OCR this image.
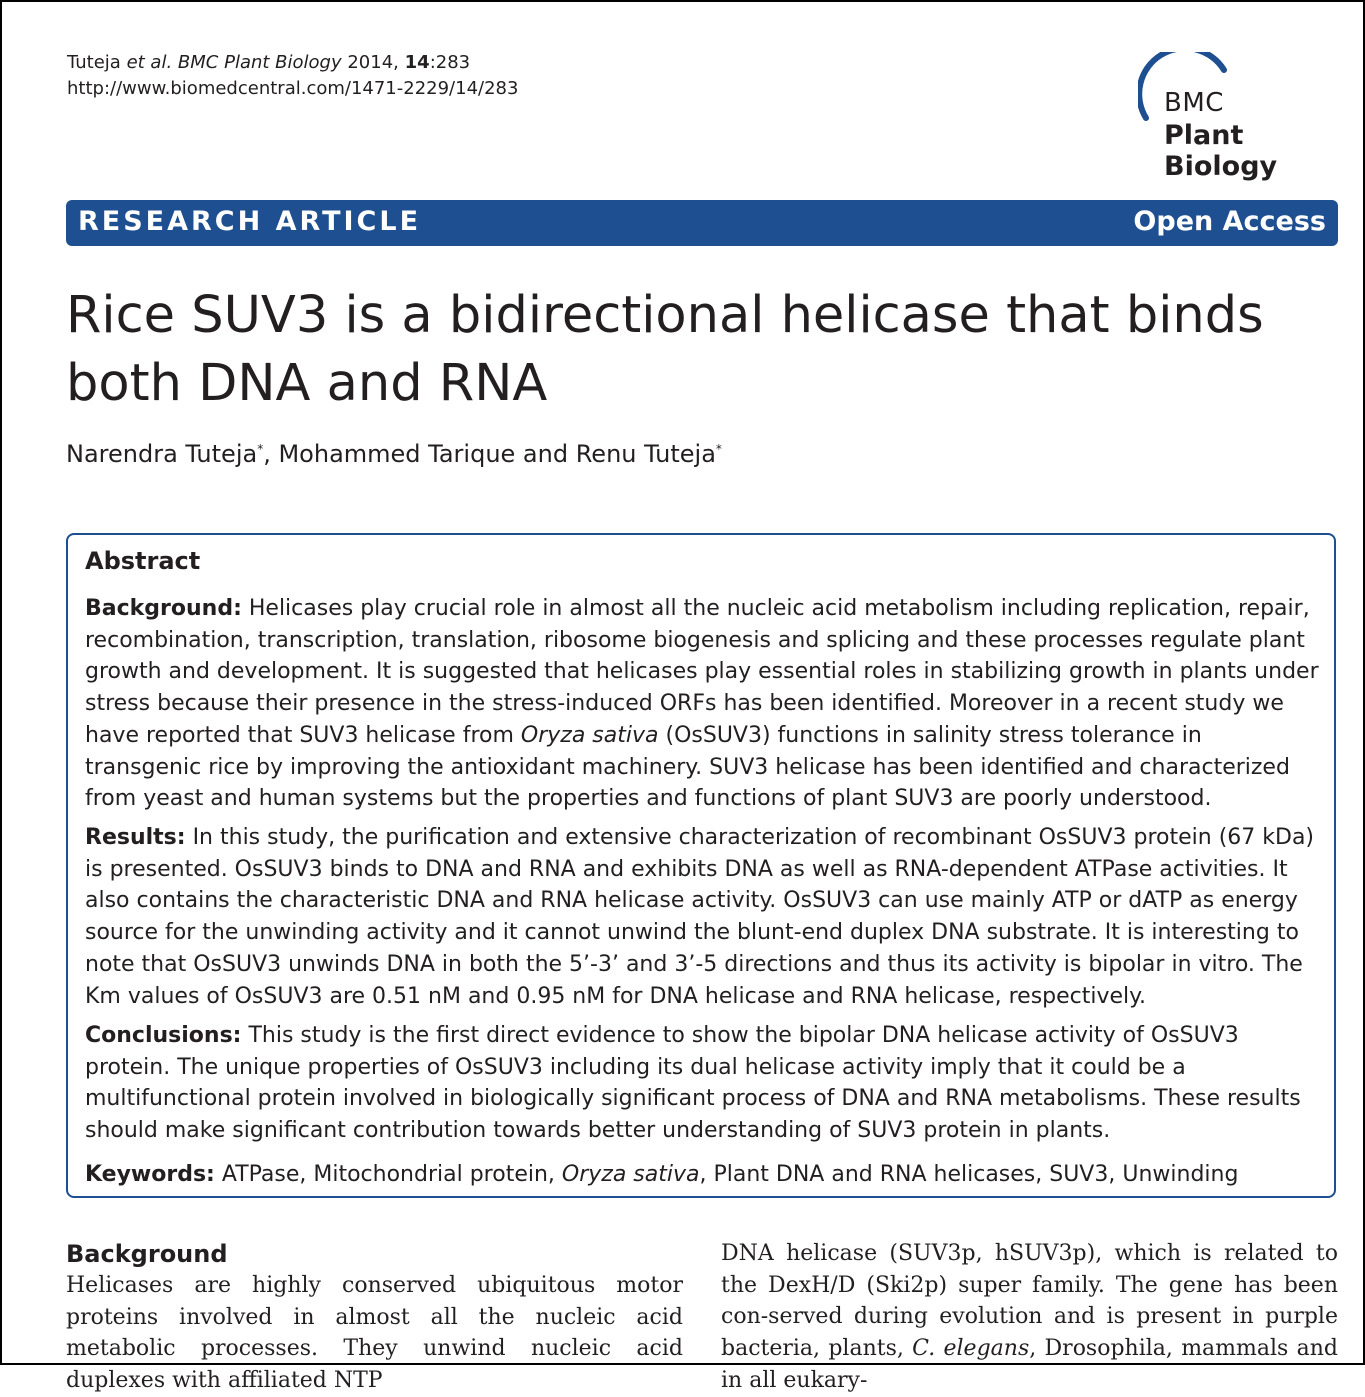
Tuteja et al. BMC Plant Biology 2014, 14:283
http://www.biomedcentral.com/1471-2229/14/283	BMC
Plant Biology
RESEARCH ARTICLE	Open Access
Rice SUV3 is a bidirectional helicase that binds both DNA and RNA
Narendra Tuteja*, Mohammed Tarique and Renu Tuteja*
Abstract
Background: Helicases play crucial role in almost all the nucleic acid metabolism including replication, repair, recombination, transcription, translation, ribosome biogenesis and splicing and these processes regulate plant growth and development. It is suggested that helicases play essential roles in stabilizing growth in plants under stress because their presence in the stress-induced ORFs has been identified. Moreover in a recent study we have reported that SUV3 helicase from Oryza sativa (OsSUV3) functions in salinity stress tolerance in transgenic rice by improving the antioxidant machinery. SUV3 helicase has been identified and characterized from yeast and human systems but the properties and functions of plant SUV3 are poorly understood.
Results: In this study, the purification and extensive characterization of recombinant OsSUV3 protein (67 kDa) is presented. OsSUV3 binds to DNA and RNA and exhibits DNA as well as RNA-dependent ATPase activities. It also contains the characteristic DNA and RNA helicase activity. OsSUV3 can use mainly ATP or dATP as energy source for the unwinding activity and it cannot unwind the blunt-end duplex DNA substrate. It is interesting to note that OsSUV3 unwinds DNA in both the 5’-3’ and 3’-5 directions and thus its activity is bipolar in vitro. The Km values of OsSUV3 are 0.51 nM and 0.95 nM for DNA helicase and RNA helicase, respectively.
Conclusions: This study is the first direct evidence to show the bipolar DNA helicase activity of OsSUV3 protein. The unique properties of OsSUV3 including its dual helicase activity imply that it could be a multifunctional protein involved in biologically significant process of DNA and RNA metabolisms. These results should make significant contribution towards better understanding of SUV3 protein in plants.
Keywords: ATPase, Mitochondrial protein, Oryza sativa, Plant DNA and RNA helicases, SUV3, Unwinding
Background
Helicases are highly conserved ubiquitous motor proteins involved in almost all the nucleic acid metabolic processes. They unwind nucleic acid duplexes with affiliated NTP
DNA helicase (SUV3p, hSUV3p), which is related to the DexH/D (Ski2p) super family. The gene has been con-served during evolution and is present in purple bacteria, plants, C. elegans, Drosophila, mammals and in all eukary-
